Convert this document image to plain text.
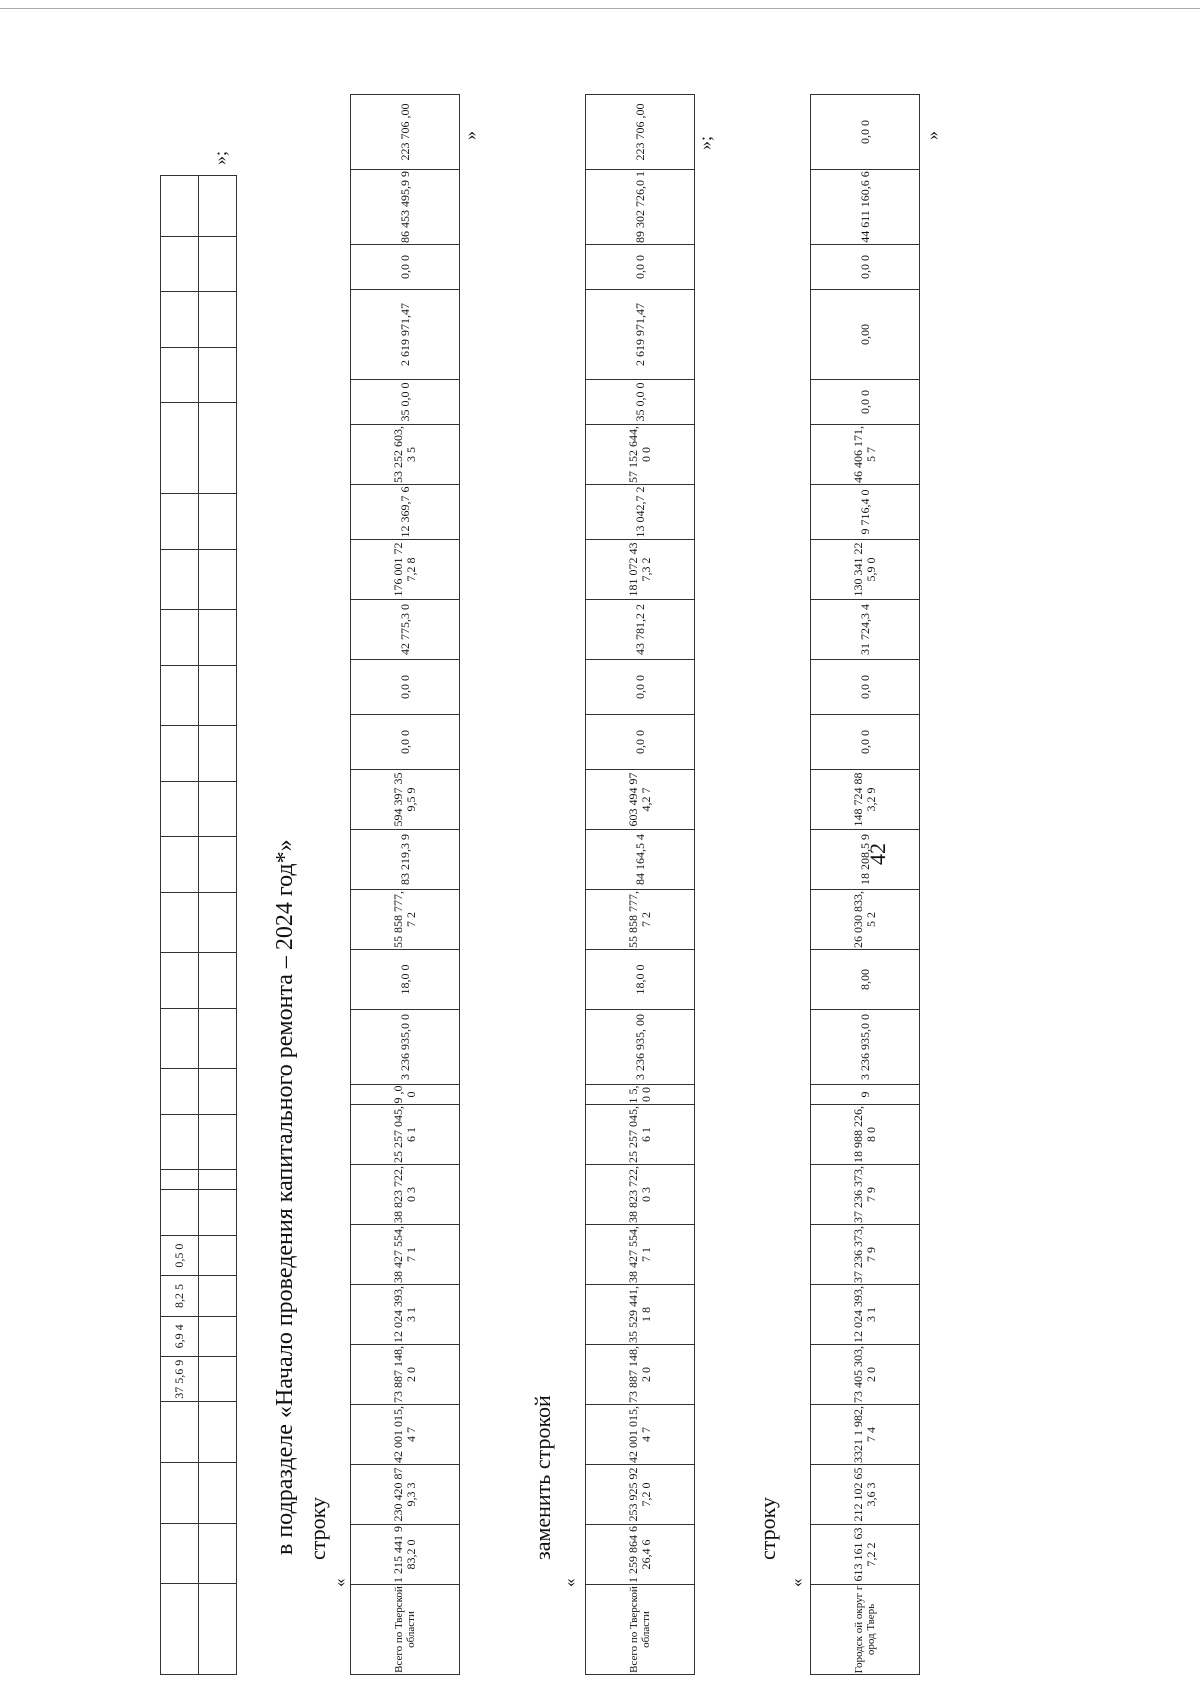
42
				37 5,6 9	6,9 4	8,2 5	0,5 0																			

»;
в подразделе «Начало проведения капитального ремонта – 2024 год*» строку
«
Всего по Тверской области	1 215 441 983,2 0	230 420 879,3 3	42 001 015,4 7	73 887 148,2 0	12 024 393,3 1	38 427 554,7 1	38 823 722,0 3	25 257 045,6 1	9 ,0 0	3 236 935,0 0	18,0 0	55 858 777,7 2	83 219,3 9	594 397 359,5 9	0,0 0	0,0 0	42 775,3 0	176 001 727,2 8	12 369,7 6	53 252 603,3 5	35 0,0 0	2 619 971,47	0,0 0	86 453 495,9 9	223 706 ,00	»
заменить строкой
«
Всего по Тверской области	1 259 864 626,4 6	253 925 927,2 0	42 001 015,4 7	73 887 148,2 0	35 529 441,1 8	38 427 554,7 1	38 823 722,0 3	25 257 045,6 1	1 5, 0 0	3 236 935, 00	18,0 0	55 858 777,7 2	84 164,5 4	603 494 974,2 7	0,0 0	0,0 0	43 781,2 2	181 072 437,3 2	13 042,7 2	57 152 644,0 0	35 0,0 0	2 619 971,47	0,0 0	89 302 726,0 1	223 706 ,00	»;
строку
«
Городск ой округ город Тверь	613 161 637,2 2	212 102 653,6 3	3321 1 982,7 4	73 405 303,2 0	12 024 393,3 1	37 236 373,7 9	37 236 373,7 9	18 988 226,8 0	9	3 236 935,0 0	8,00	26 030 833,5 2	18 208,5 9	148 724 883,2 9	0,0 0	0,0 0	31 724,3 4	130 341 225,9 0	9 716,4 0	46 406 171,5 7	0,0 0	0,00	0,0 0	44 611 160,6 6	0,0 0	»
